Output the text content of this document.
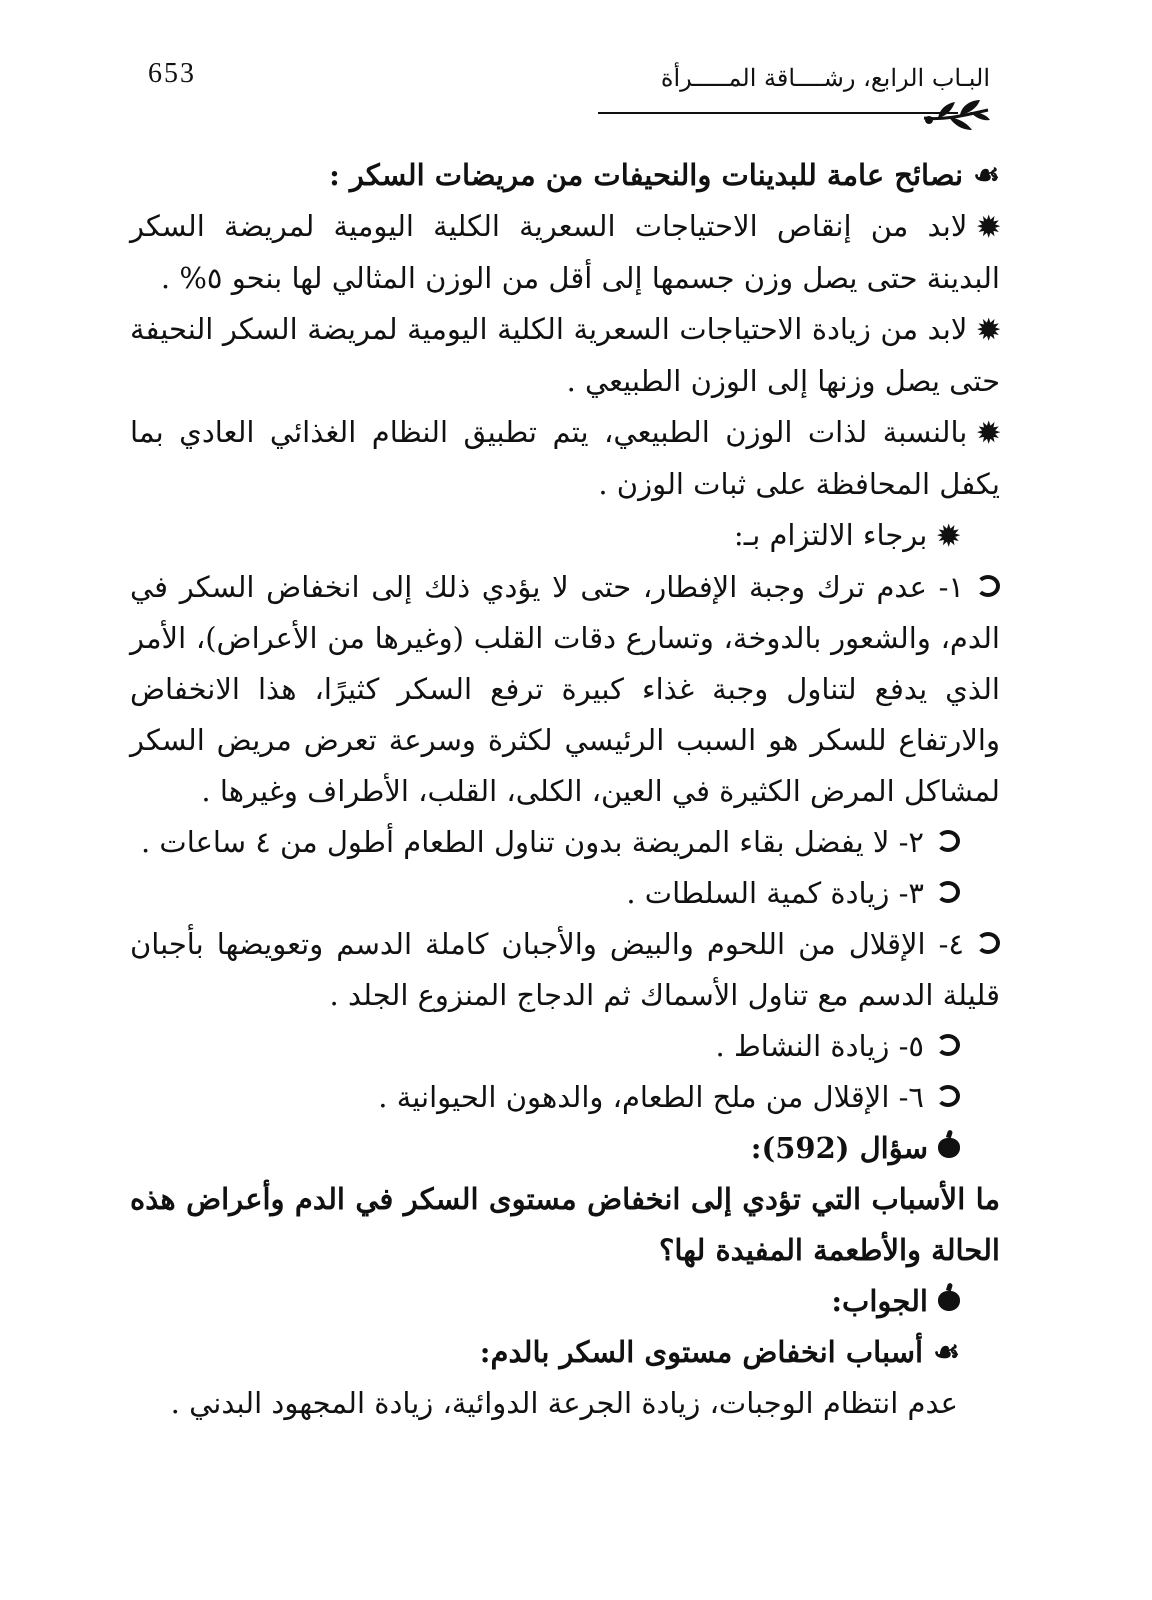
653	البـاب الرابع، رشــــاقة المـــــرأة

☙نصائح عامة للبدينات والنحيفات من مريضات السكر :

✹لابد من إنقاص الاحتياجات السعرية الكلية اليومية لمريضة السكر البدينة حتى يصل وزن جسمها إلى أقل من الوزن المثالي لها بنحو ٥% .

✹لابد من زيادة الاحتياجات السعرية الكلية اليومية لمريضة السكر النحيفة حتى يصل وزنها إلى الوزن الطبيعي .

✹بالنسبة لذات الوزن الطبيعي، يتم تطبيق النظام الغذائي العادي بما يكفل المحافظة على ثبات الوزن .

✹برجاء الالتزام بـ:

١- عدم ترك وجبة الإفطار، حتى لا يؤدي ذلك إلى انخفاض السكر في الدم، والشعور بالدوخة، وتسارع دقات القلب (وغيرها من الأعراض)، الأمر الذي يدفع لتناول وجبة غذاء كبيرة ترفع السكر كثيرًا، هذا الانخفاض والارتفاع للسكر هو السبب الرئيسي لكثرة وسرعة تعرض مريض السكر لمشاكل المرض الكثيرة في العين، الكلى، القلب، الأطراف وغيرها .

٢- لا يفضل بقاء المريضة بدون تناول الطعام أطول من ٤ ساعات .

٣- زيادة كمية السلطات .

٤- الإقلال من اللحوم والبيض والأجبان كاملة الدسم وتعويضها بأجبان قليلة الدسم مع تناول الأسماك ثم الدجاج المنزوع الجلد .

٥- زيادة النشاط .

٦- الإقلال من ملح الطعام، والدهون الحيوانية .

سؤال (592):

ما الأسباب التي تؤدي إلى انخفاض مستوى السكر في الدم وأعراض هذه الحالة والأطعمة المفيدة لها؟

الجواب:

☙أسباب انخفاض مستوى السكر بالدم:

عدم انتظام الوجبات، زيادة الجرعة الدوائية، زيادة المجهود البدني .
